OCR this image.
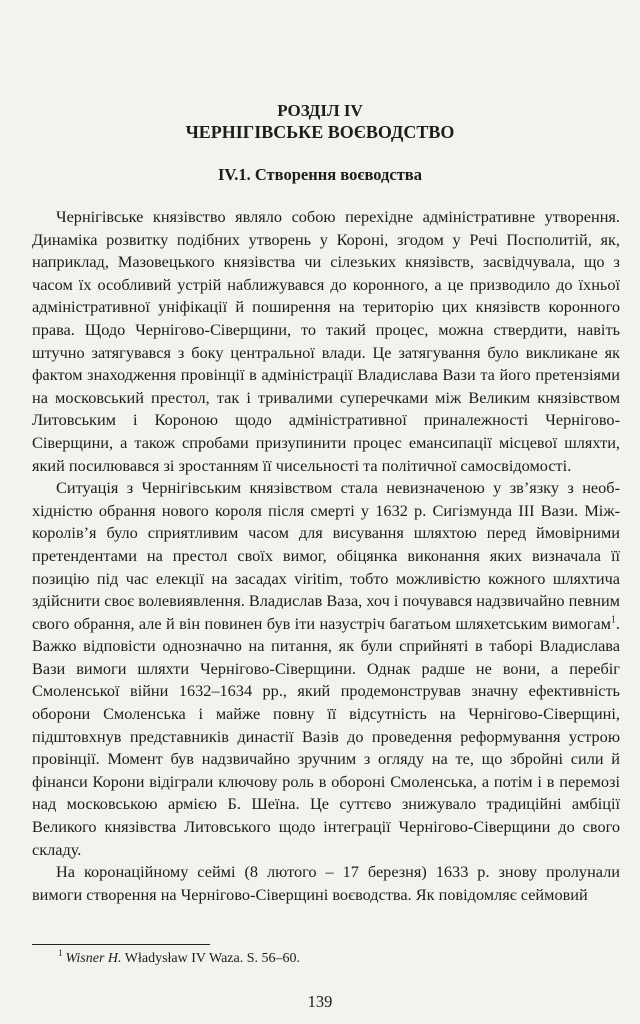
РОЗДІЛ IV
ЧЕРНІГІВСЬКЕ ВОЄВОДСТВО
IV.1. Створення воєводства

Чернігівське князівство являло собою перехідне адміністративне утворення. Динаміка розвитку подібних утворень у Короні, згодом у Речі Посполитій, як, наприклад, Мазовецького князівства чи сілезьких князівств, засвідчувала, що з часом їх особливий устрій наближувався до коронного, а це призводило до їхньої адміністративної уніфікації й поширення на територію цих князівств коронного права. Щодо Чернігово-Сіверщини, то такий процес, можна ствердити, навіть штучно затягувався з боку центральної влади. Це затягування було викликане як фактом знаходження провінції в адміністрації Владислава Вази та його претензіями на московський престол, так і тривалими суперечками між Великим князівством Литовським і Короною щодо адміністративної приналежності Чернігово-Сіверщини, а також спробами призупинити процес емансипації місцевої шляхти, який посилювався зі зростанням її чисельності та політичної самосвідомості.

Ситуація з Чернігівським князівством стала невизначеною у зв’язку з необхідністю обрання нового короля після смерті у 1632 р. Сигізмунда III Вази. Міжкоролів’я було сприятливим часом для висування шляхтою перед ймовірними претендентами на престол своїх вимог, обіцянка виконання яких визначала її позицію під час елекції на засадах viritim, тобто можливістю кожного шляхтича здійснити своє волевиявлення. Владислав Ваза, хоч і почувався надзвичайно певним свого обрання, але й він повинен був іти назустріч багатьом шляхетським вимогам$^1$. Важко відповісти однозначно на питання, як були сприйняті в таборі Владислава Вази вимоги шляхти Чернігово-Сіверщини. Однак радше не вони, а перебіг Смоленської війни 1632–1634 рр., який продемонстрував значну ефективність оборони Смоленська і майже повну її відсутність на Чернігово-Сіверщині, підштовхнув представників династії Вазів до проведення реформування устрою провінції. Момент був надзвичайно зручним з огляду на те, що збройні сили й фінанси Корони відіграли ключову роль в обороні Смоленська, а потім і в перемозі над московською армією Б. Шеїна. Це суттєво знижувало традиційні амбіції Великого князівства Литовського щодо інтеграції Чернігово-Сіверщини до свого складу.

На коронаційному сеймі (8 лютого – 17 березня) 1633 р. знову пролунали вимоги створення на Чернігово-Сіверщині воєводства. Як повідомляє сеймовий

$^1$ Wisner H. Władysław IV Waza. S. 56–60.
139
